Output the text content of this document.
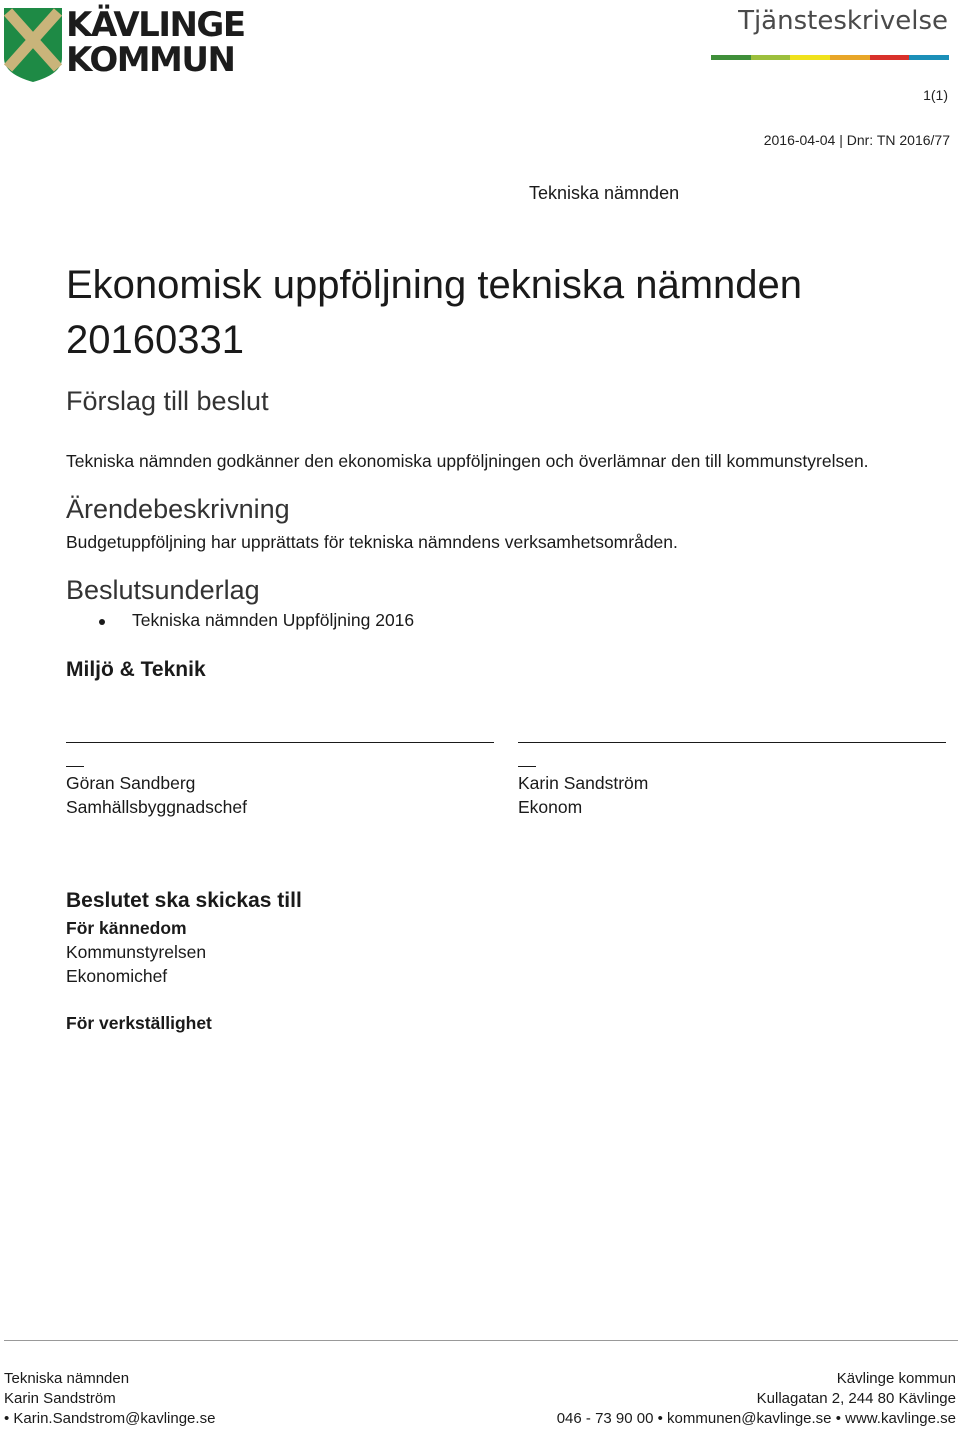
KÄVLINGE
KOMMUN
Tjänsteskrivelse
1(1)
2016-04-04 | Dnr: TN 2016/77
Tekniska nämnden
Ekonomisk uppföljning tekniska nämnden 20160331
Förslag till beslut
Tekniska nämnden godkänner den ekonomiska uppföljningen och överlämnar den till kommunstyrelsen.
Ärendebeskrivning
Budgetuppföljning har upprättats för tekniska nämndens verksamhetsområden.
Beslutsunderlag
Tekniska nämnden Uppföljning 2016
Miljö & Teknik
Göran Sandberg
Samhällsbyggnadschef
Karin Sandström
Ekonom
Beslutet ska skickas till
För kännedom
Kommunstyrelsen
Ekonomichef
För verkställighet
Tekniska nämnden
Karin Sandström
• Karin.Sandstrom@kavlinge.se
Kävlinge kommun
Kullagatan 2, 244 80 Kävlinge
046 - 73 90 00 • kommunen@kavlinge.se • www.kavlinge.se
